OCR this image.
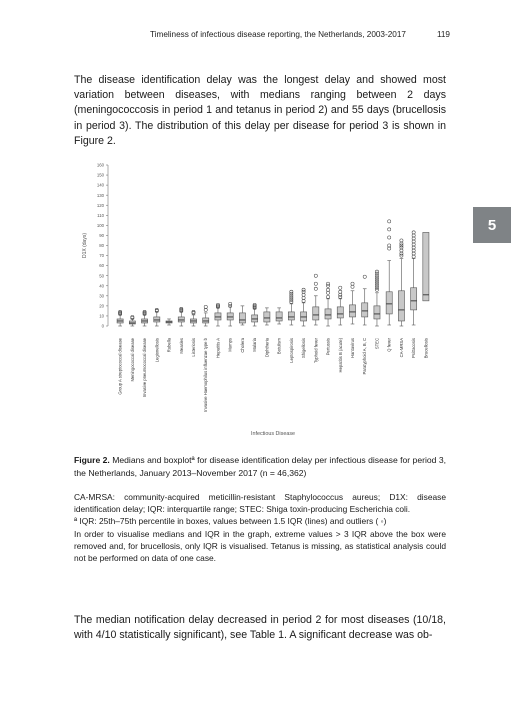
Timeliness of infectious disease reporting, the Netherlands, 2003-2017	119
5
The disease identification delay was the longest delay and showed most variation between diseases, with medians ranging between 2 days (meningococcosis in period 1 and tetanus in period 2) and 55 days (brucellosis in period 3). The distribution of this delay per disease for period 3 is shown in Figure 2.
0
10
20
30
40
50
60
70
80
90
100
110
120
130
140
150
160
D1X (days)
Group A streptococcal disease Meningococcal disease Invasive pneumococcal disease Legionellosis Rubella Measles Listeriosis Invasive Haemophilus influenzae type b Hepatitis A Mumps Cholera Malaria Diphtheria Botulism Leptospirosis Shigellosis Typhoid fever Pertussis Hepatitis B (acute) Hantavirus Paratyphoid A, B, C STEC Q fever CA-MRSA Psittacosis Brucellosis
Infectious Disease
Figure 2. Medians and boxplotª for disease identification delay per infectious disease for period 3, the Netherlands, January 2013–November 2017 (n = 46,362)

CA-MRSA: community-acquired meticillin-resistant Staphylococcus aureus; D1X: disease identification delay; IQR: interquartile range; STEC: Shiga toxin-producing Escherichia coli.

ª IQR: 25th–75th percentile in boxes, values between 1.5 IQR (lines) and outliers ( ◦)

In order to visualise medians and IQR in the graph, extreme values > 3 IQR above the box were removed and, for brucellosis, only IQR is visualised. Tetanus is missing, as statistical analysis could not be performed on data of one case.

The median notification delay decreased in period 2 for most diseases (10/18, with 4/10 statistically significant), see Table 1. A significant decrease was ob-
